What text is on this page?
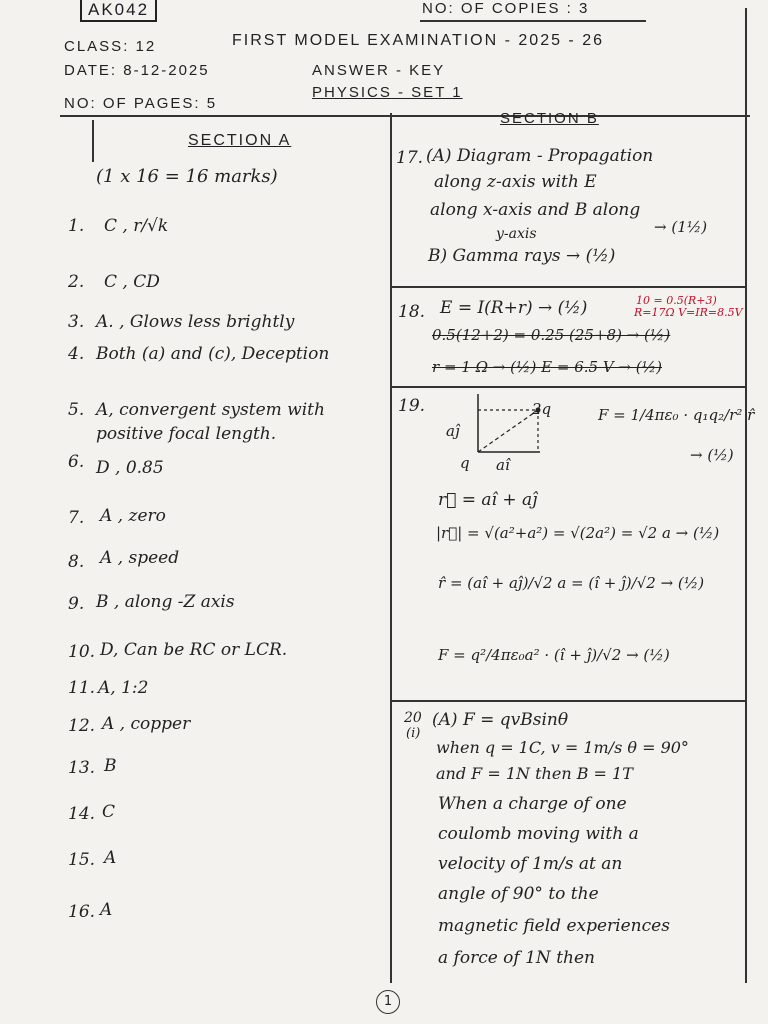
AK042	NO: OF COPIES : 3
CLASS: 12	FIRST MODEL EXAMINATION - 2025 - 26
DATE: 8-12-2025	ANSWER - KEY
NO: OF PAGES: 5
PHYSICS - SET 1
SECTION A
(1 x 16 = 16 marks)
1. C , r/√k
2. C , CD
3. A. , Glows less brightly
4. Both (a) and (c), Deception
5. A, convergent system with
positive focal length.
6. D , 0.85
7. A , zero
8. A , speed
9. B , along -Z axis
10. D, Can be RC or LCR.
11. A, 1:2
12. A , copper
13. B
14. C
15. A
16. A
SECTION B
17. (A) Diagram - Propagation
along z-axis with E
along x-axis and B along
y-axis	→ (1½)
B) Gamma rays → (½)
18. E = I(R+r) → (½)	10 = 0.5(R+3)
R=17Ω V=IR=8.5V
0.5(12+2) = 0.25 (25+8) → (½)
r = 1 Ω → (½) E = 6.5 V → (½)
19.
aĵ
2q
q aî
F = 1/4πε₀ · q₁q₂/r² r̂
→ (½)
r⃗ = aî + aĵ
|r⃗| = √(a²+a²) = √(2a²) = √2 a → (½)
r̂ = (aî + aĵ)/√2 a = (î + ĵ)/√2 → (½)
F = q²/4πε₀a² · (î + ĵ)/√2 → (½)
20
(i)
(A) F = qvBsinθ
when q = 1C, v = 1m/s θ = 90°
and F = 1N then B = 1T
When a charge of one
coulomb moving with a
velocity of 1m/s at an
angle of 90° to the
magnetic field experiences
a force of 1N then
1
